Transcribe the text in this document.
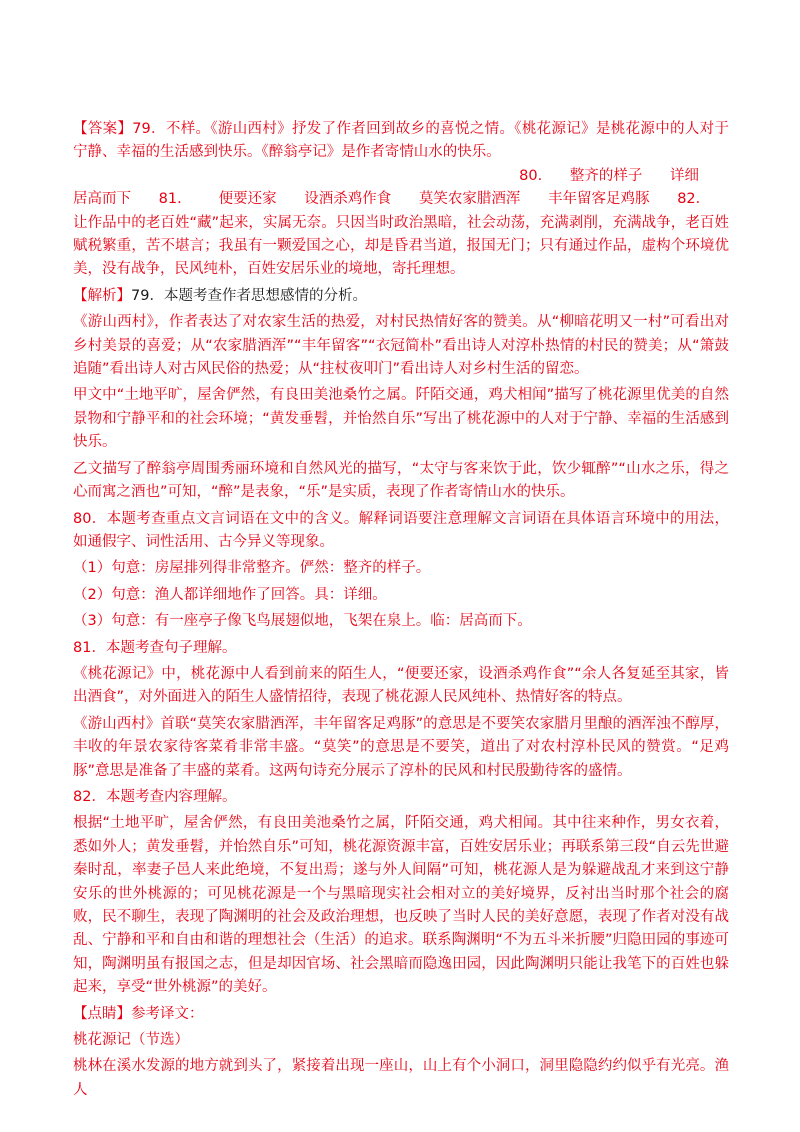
【答案】79．不样。《游山西村》抒发了作者回到故乡的喜悦之情。《桃花源记》是桃花源中的人对于宁静、幸福的生活感到快乐。《醉翁亭记》是作者寄情山水的快乐。

80.      整齐的样子      详细

居高而下      81.        便要还家      设酒杀鸡作食      莫笑农家腊酒浑      丰年留客足鸡豚      82．

让作品中的老百姓“藏”起来，实属无奈。只因当时政治黑暗，社会动荡，充满剥削，充满战争，老百姓赋税繁重，苦不堪言；我虽有一颗爱国之心，却是昏君当道，报国无门；只有通过作品，虚构个环境优美，没有战争，民风纯朴，百姓安居乐业的境地，寄托理想。

【解析】79．本题考查作者思想感情的分析。

《游山西村》，作者表达了对农家生活的热爱，对村民热情好客的赞美。从“柳暗花明又一村”可看出对乡村美景的喜爱；从“农家腊酒浑”“丰年留客”“衣冠简朴”看出诗人对淳朴热情的村民的赞美；从“箫鼓追随”看出诗人对古风民俗的热爱；从“拄杖夜叩门”看出诗人对乡村生活的留恋。

甲文中“土地平旷，屋舍俨然，有良田美池桑竹之属。阡陌交通，鸡犬相闻”描写了桃花源里优美的自然景物和宁静平和的社会环境；“黄发垂髫，并怡然自乐”写出了桃花源中的人对于宁静、幸福的生活感到快乐。

乙文描写了醉翁亭周围秀丽环境和自然风光的描写，“太守与客来饮于此，饮少辄醉”“山水之乐，得之心而寓之酒也”可知，“醉”是表象，“乐”是实质，表现了作者寄情山水的快乐。

80．本题考查重点文言词语在文中的含义。解释词语要注意理解文言词语在具体语言环境中的用法，如通假字、词性活用、古今异义等现象。

（1）句意：房屋排列得非常整齐。俨然：整齐的样子。

（2）句意：渔人都详细地作了回答。具：详细。

（3）句意：有一座亭子像飞鸟展翅似地，飞架在泉上。临：居高而下。

81．本题考查句子理解。

《桃花源记》中，桃花源中人看到前来的陌生人，“便要还家，设酒杀鸡作食”“余人各复延至其家，皆出酒食”，对外面进入的陌生人盛情招待，表现了桃花源人民风纯朴、热情好客的特点。

《游山西村》首联“莫笑农家腊酒浑，丰年留客足鸡豚”的意思是不要笑农家腊月里酿的酒浑浊不醇厚，丰收的年景农家待客菜肴非常丰盛。“莫笑”的意思是不要笑，道出了对农村淳朴民风的赞赏。“足鸡豚”意思是准备了丰盛的菜肴。这两句诗充分展示了淳朴的民风和村民殷勤待客的盛情。

82．本题考查内容理解。

根据“土地平旷，屋舍俨然，有良田美池桑竹之属，阡陌交通，鸡犬相闻。其中往来种作，男女衣着，悉如外人；黄发垂髫，并怡然自乐”可知，桃花源资源丰富，百姓安居乐业；再联系第三段“自云先世避秦时乱，率妻子邑人来此绝境，不复出焉；遂与外人间隔”可知，桃花源人是为躲避战乱才来到这宁静安乐的世外桃源的；可见桃花源是一个与黑暗现实社会相对立的美好境界，反衬出当时那个社会的腐败，民不聊生，表现了陶渊明的社会及政治理想，也反映了当时人民的美好意愿，表现了作者对没有战乱、宁静和平和自由和谐的理想社会（生活）的追求。联系陶渊明“不为五斗米折腰”归隐田园的事迹可知，陶渊明虽有报国之志，但是却因官场、社会黑暗而隐逸田园，因此陶渊明只能让我笔下的百姓也躲起来，享受“世外桃源”的美好。

【点睛】参考译文：

桃花源记（节选）

桃林在溪水发源的地方就到头了，紧接着出现一座山，山上有个小洞口，洞里隐隐约约似乎有光亮。渔人
